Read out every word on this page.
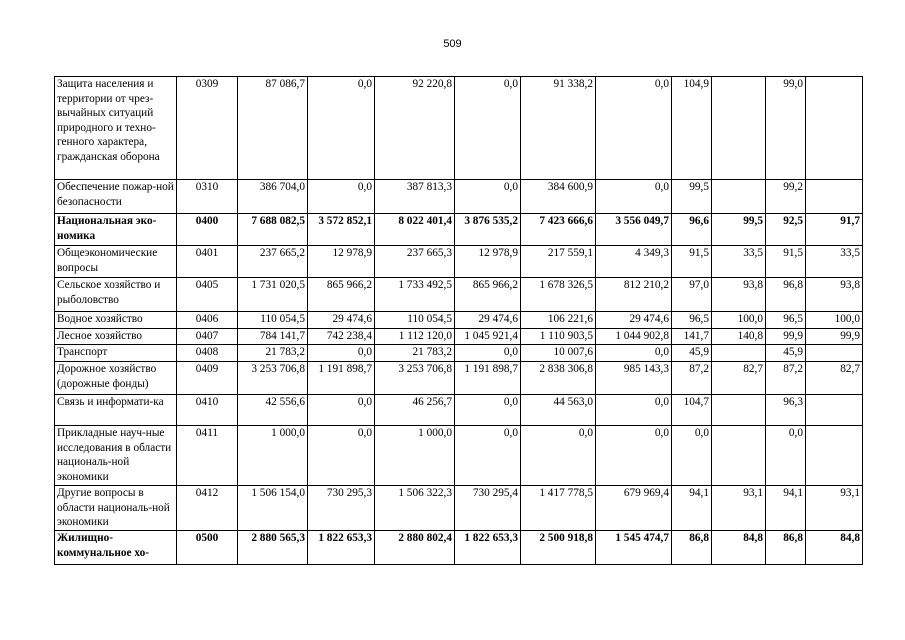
509
Защита населения и территории от чрез-вычайных ситуаций природного и техно-генного характера, гражданская оборона	0309	87 086,7	0,0	92 220,8	0,0	91 338,2	0,0	104,9		99,0	
Обеспечение пожар-ной безопасности	0310	386 704,0	0,0	387 813,3	0,0	384 600,9	0,0	99,5		99,2	
Национальная эко-номика	0400	7 688 082,5	3 572 852,1	8 022 401,4	3 876 535,2	7 423 666,6	3 556 049,7	96,6	99,5	92,5	91,7
Общеэкономические вопросы	0401	237 665,2	12 978,9	237 665,3	12 978,9	217 559,1	4 349,3	91,5	33,5	91,5	33,5
Сельское хозяйство и рыболовство	0405	1 731 020,5	865 966,2	1 733 492,5	865 966,2	1 678 326,5	812 210,2	97,0	93,8	96,8	93,8
Водное хозяйство	0406	110 054,5	29 474,6	110 054,5	29 474,6	106 221,6	29 474,6	96,5	100,0	96,5	100,0
Лесное хозяйство	0407	784 141,7	742 238,4	1 112 120,0	1 045 921,4	1 110 903,5	1 044 902,8	141,7	140,8	99,9	99,9
Транспорт	0408	21 783,2	0,0	21 783,2	0,0	10 007,6	0,0	45,9		45,9	
Дорожное хозяйство (дорожные фонды)	0409	3 253 706,8	1 191 898,7	3 253 706,8	1 191 898,7	2 838 306,8	985 143,3	87,2	82,7	87,2	82,7
Связь и информати-ка	0410	42 556,6	0,0	46 256,7	0,0	44 563,0	0,0	104,7		96,3	
Прикладные науч-ные исследования в области националь-ной экономики	0411	1 000,0	0,0	1 000,0	0,0	0,0	0,0	0,0		0,0	
Другие вопросы в области националь-ной экономики	0412	1 506 154,0	730 295,3	1 506 322,3	730 295,4	1 417 778,5	679 969,4	94,1	93,1	94,1	93,1
Жилищно-коммунальное хо-	0500	2 880 565,3	1 822 653,3	2 880 802,4	1 822 653,3	2 500 918,8	1 545 474,7	86,8	84,8	86,8	84,8
